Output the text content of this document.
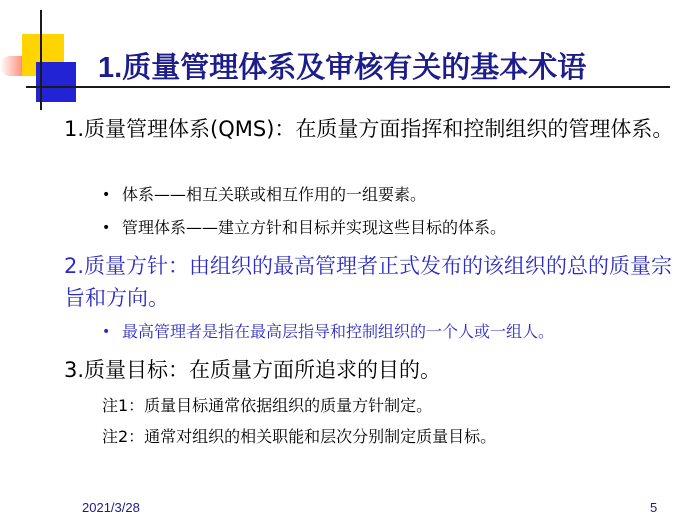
1.质量管理体系及审核有关的基本术语
1.质量管理体系(QMS)：在质量方面指挥和控制组织的管理体系。
• 体系——相互关联或相互作用的一组要素。
• 管理体系——建立方针和目标并实现这些目标的体系。
2.质量方针：由组织的最高管理者正式发布的该组织的总的质量宗旨和方向。
• 最高管理者是指在最高层指导和控制组织的一个人或一组人。
3.质量目标：在质量方面所追求的目的。
注1：质量目标通常依据组织的质量方针制定。
注2：通常对组织的相关职能和层次分别制定质量目标。
2021/3/28	5
